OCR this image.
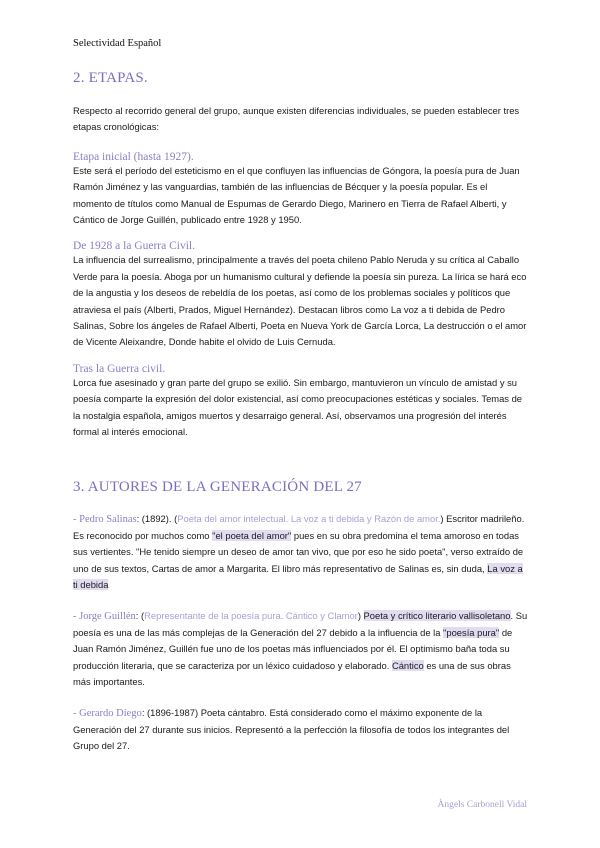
Selectividad Español
2. ETAPAS.

Respecto al recorrido general del grupo, aunque existen diferencias individuales, se pueden establecer tres etapas cronológicas:

Etapa inicial (hasta 1927).

Este será el período del esteticismo en el que confluyen las influencias de Góngora, la poesía pura de Juan Ramón Jiménez y las vanguardias, también de las influencias de Bécquer y la poesía popular. Es el momento de títulos como Manual de Espumas de Gerardo Diego, Marinero en Tierra de Rafael Alberti, y Cántico de Jorge Guillén, publicado entre 1928 y 1950.

De 1928 a la Guerra Civil.

La influencia del surrealismo, principalmente a través del poeta chileno Pablo Neruda y su crítica al Caballo Verde para la poesía. Aboga por un humanismo cultural y defiende la poesía sin pureza. La lírica se hará eco de la angustia y los deseos de rebeldía de los poetas, así como de los problemas sociales y políticos que atraviesa el país (Alberti, Prados, Miguel Hernández). Destacan libros como La voz a ti debida de Pedro Salinas, Sobre los ángeles de Rafael Alberti, Poeta en Nueva York de García Lorca, La destrucción o el amor de Vicente Aleixandre, Donde habite el olvido de Luis Cernuda.

Tras la Guerra civil.

Lorca fue asesinado y gran parte del grupo se exilió. Sin embargo, mantuvieron un vínculo de amistad y su poesía comparte la expresión del dolor existencial, así como preocupaciones estéticas y sociales. Temas de la nostalgia española, amigos muertos y desarraigo general. Así, observamos una progresión del interés formal al interés emocional.

3. AUTORES DE LA GENERACIÓN DEL 27

- Pedro Salinas: (1892). (Poeta del amor intelectual. La voz a ti debida y Razón de amor.) Escritor madrileño. Es reconocido por muchos como "el poeta del amor" pues en su obra predomina el tema amoroso en todas sus vertientes. "He tenido siempre un deseo de amor tan vivo, que por eso he sido poeta", verso extraído de uno de sus textos, Cartas de amor a Margarita. El libro más representativo de Salinas es, sin duda, La voz a ti debida

- Jorge Guillén: (Representante de la poesía pura. Cántico y Clamor) Poeta y crítico literario vallisoletano. Su poesía es una de las más complejas de la Generación del 27 debido a la influencia de la "poesía pura" de Juan Ramón Jiménez, Guillén fue uno de los poetas más influenciados por él. El optimismo baña toda su producción literaria, que se caracteriza por un léxico cuidadoso y elaborado. Cántico es una de sus obras más importantes.

- Gerardo Diego: (1896-1987) Poeta cántabro. Está considerado como el máximo exponente de la Generación del 27 durante sus inicios. Representó a la perfección la filosofía de todos los integrantes del Grupo del 27.

Àngels Carbonell Vidal
